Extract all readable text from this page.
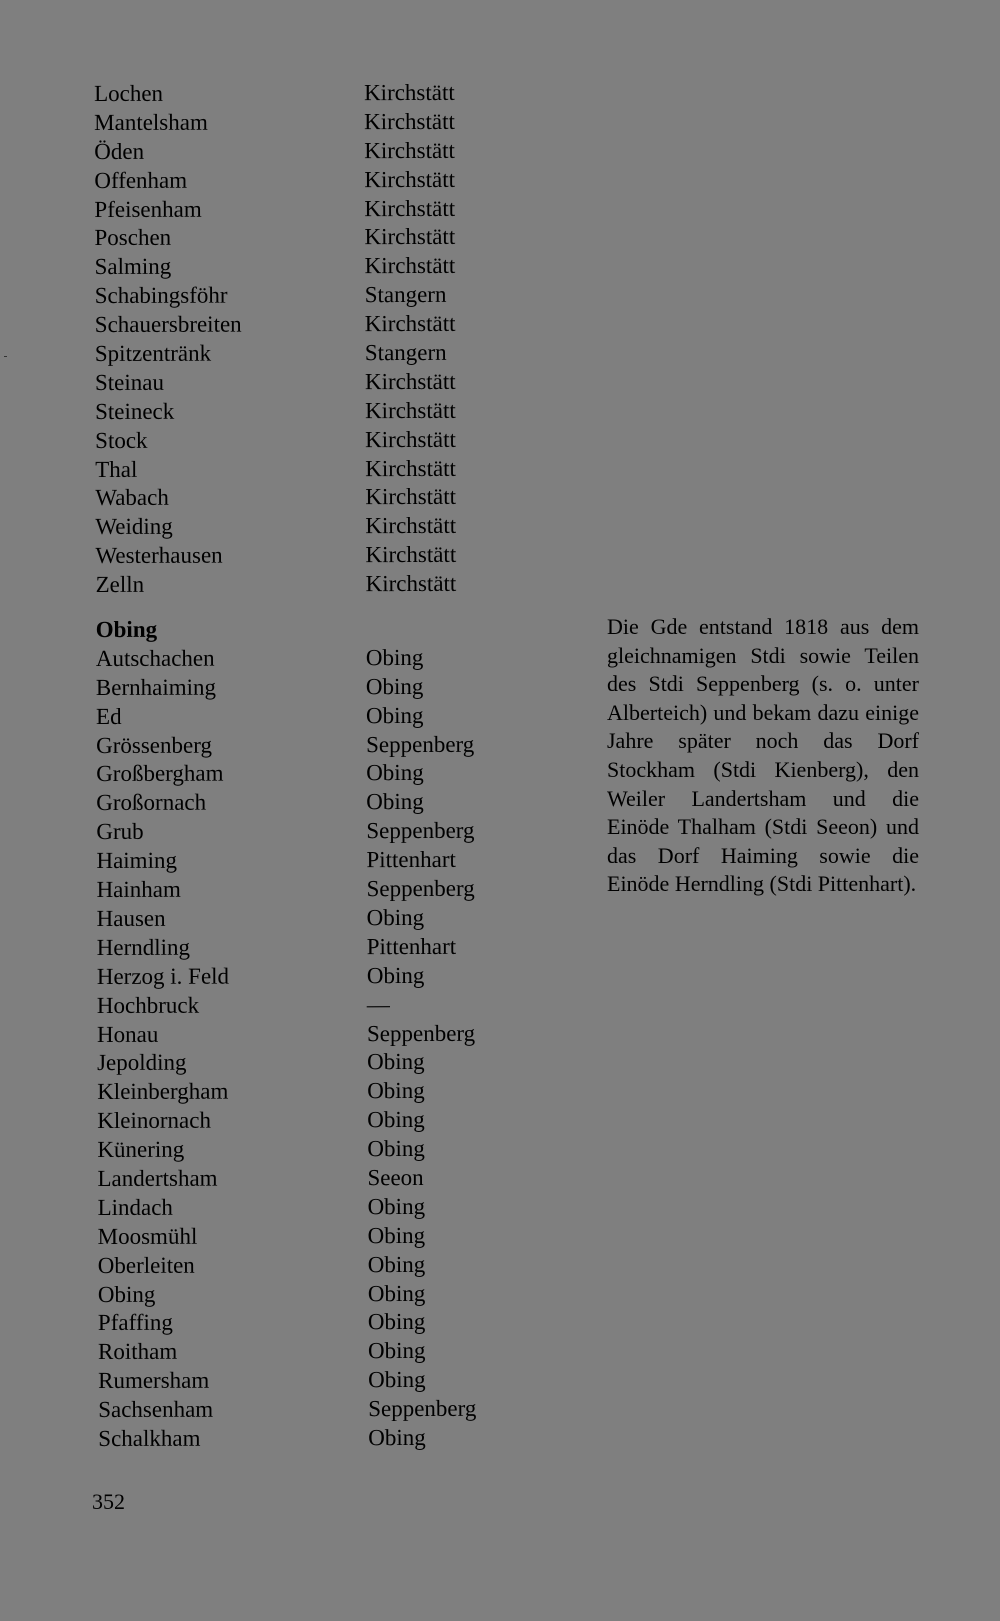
Lochen	Kirchstätt
Mantelsham	Kirchstätt
Öden	Kirchstätt
Offenham	Kirchstätt
Pfeisenham	Kirchstätt
Poschen	Kirchstätt
Salming	Kirchstätt
Schabingsföhr	Stangern
Schauersbreiten	Kirchstätt
Spitzentränk	Stangern
Steinau	Kirchstätt
Steineck	Kirchstätt
Stock	Kirchstätt
Thal	Kirchstätt
Wabach	Kirchstätt
Weiding	Kirchstätt
Westerhausen	Kirchstätt
Zelln	Kirchstätt
Obing
Autschachen	Obing
Bernhaiming	Obing
Ed	Obing
Grössenberg	Seppenberg
Großbergham	Obing
Großornach	Obing
Grub	Seppenberg
Haiming	Pittenhart
Hainham	Seppenberg
Hausen	Obing
Herndling	Pittenhart
Herzog i. Feld	Obing
Hochbruck	—
Honau	Seppenberg
Jepolding	Obing
Kleinbergham	Obing
Kleinornach	Obing
Künering	Obing
Landertsham	Seeon
Lindach	Obing
Moosmühl	Obing
Oberleiten	Obing
Obing	Obing
Pfaffing	Obing
Roitham	Obing
Rumersham	Obing
Sachsenham	Seppenberg
Schalkham	Obing
Die Gde entstand 1818 aus dem gleichnamigen Stdi sowie Teilen des Stdi Seppenberg (s. o. unter Alberteich) und bekam dazu einige Jahre später noch das Dorf Stockham (Stdi Kienberg), den Weiler Landertsham und die Einöde Thalham (Stdi Seeon) und das Dorf Haiming sowie die Einöde Herndling (Stdi Pittenhart).
352
